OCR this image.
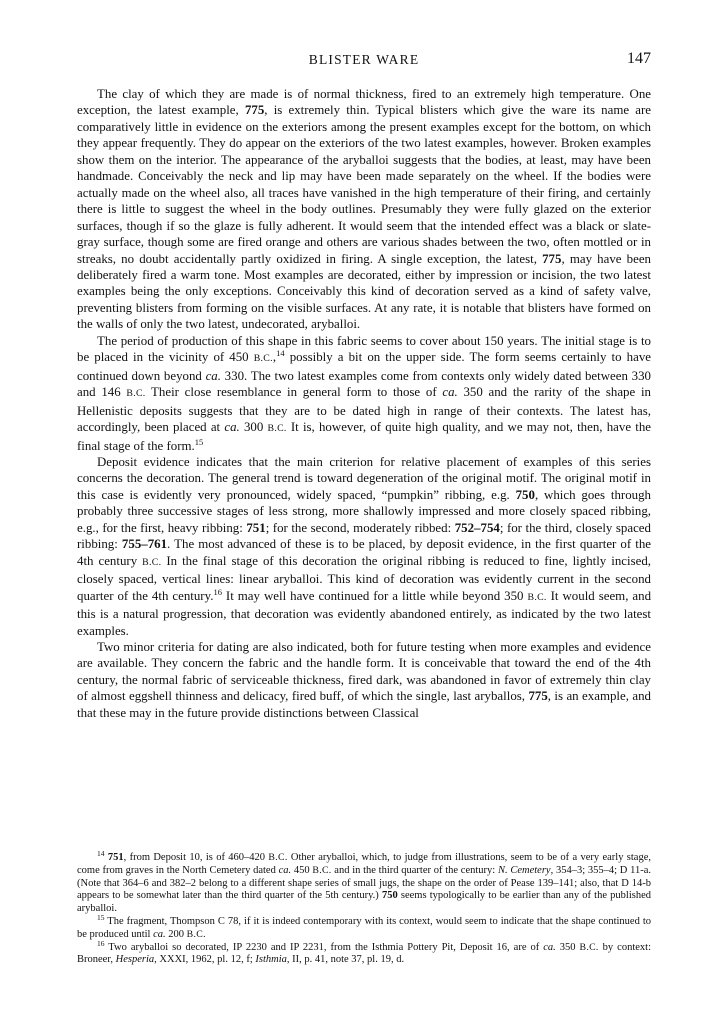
BLISTER WARE	147

The clay of which they are made is of normal thickness, fired to an extremely high temperature. One exception, the latest example, 775, is extremely thin. Typical blisters which give the ware its name are comparatively little in evidence on the exteriors among the present examples except for the bottom, on which they appear frequently. They do appear on the exteriors of the two latest examples, however. Broken examples show them on the interior. The appearance of the aryballoi suggests that the bodies, at least, may have been handmade. Conceivably the neck and lip may have been made separately on the wheel. If the bodies were actually made on the wheel also, all traces have vanished in the high temperature of their firing, and certainly there is little to suggest the wheel in the body outlines. Presumably they were fully glazed on the exterior surfaces, though if so the glaze is fully adherent. It would seem that the intended effect was a black or slate-gray surface, though some are fired orange and others are various shades between the two, often mottled or in streaks, no doubt accidentally partly oxidized in firing. A single exception, the latest, 775, may have been deliberately fired a warm tone. Most examples are decorated, either by impression or incision, the two latest examples being the only exceptions. Conceivably this kind of decoration served as a kind of safety valve, preventing blisters from forming on the visible surfaces. At any rate, it is notable that blisters have formed on the walls of only the two latest, undecorated, aryballoi.

The period of production of this shape in this fabric seems to cover about 150 years. The initial stage is to be placed in the vicinity of 450 B.C.,$^{14}$ possibly a bit on the upper side. The form seems certainly to have continued down beyond ca. 330. The two latest examples come from contexts only widely dated between 330 and 146 B.C. Their close resemblance in general form to those of ca. 350 and the rarity of the shape in Hellenistic deposits suggests that they are to be dated high in range of their contexts. The latest has, accordingly, been placed at ca. 300 B.C. It is, however, of quite high quality, and we may not, then, have the final stage of the form.$^{15}$

Deposit evidence indicates that the main criterion for relative placement of examples of this series concerns the decoration. The general trend is toward degeneration of the original motif. The original motif in this case is evidently very pronounced, widely spaced, “pumpkin” ribbing, e.g. 750, which goes through probably three successive stages of less strong, more shallowly impressed and more closely spaced ribbing, e.g., for the first, heavy ribbing: 751; for the second, moderately ribbed: 752–754; for the third, closely spaced ribbing: 755–761. The most advanced of these is to be placed, by deposit evidence, in the first quarter of the 4th century B.C. In the final stage of this decoration the original ribbing is reduced to fine, lightly incised, closely spaced, vertical lines: linear aryballoi. This kind of decoration was evidently current in the second quarter of the 4th century.$^{16}$ It may well have continued for a little while beyond 350 B.C. It would seem, and this is a natural progression, that decoration was evidently abandoned entirely, as indicated by the two latest examples.

Two minor criteria for dating are also indicated, both for future testing when more examples and evidence are available. They concern the fabric and the handle form. It is conceivable that toward the end of the 4th century, the normal fabric of serviceable thickness, fired dark, was abandoned in favor of extremely thin clay of almost eggshell thinness and delicacy, fired buff, of which the single, last aryballos, 775, is an example, and that these may in the future provide distinctions between Classical

$^{14}$ 751, from Deposit 10, is of 460–420 B.C. Other aryballoi, which, to judge from illustrations, seem to be of a very early stage, come from graves in the North Cemetery dated ca. 450 B.C. and in the third quarter of the century: N. Cemetery, 354–3; 355–4; D 11-a. (Note that 364–6 and 382–2 belong to a different shape series of small jugs, the shape on the order of Pease 139–141; also, that D 14-b appears to be somewhat later than the third quarter of the 5th century.) 750 seems typologically to be earlier than any of the published aryballoi.

$^{15}$ The fragment, Thompson C 78, if it is indeed contemporary with its context, would seem to indicate that the shape continued to be produced until ca. 200 B.C.

$^{16}$ Two aryballoi so decorated, IP 2230 and IP 2231, from the Isthmia Pottery Pit, Deposit 16, are of ca. 350 B.C. by context: Broneer, Hesperia, XXXI, 1962, pl. 12, f; Isthmia, II, p. 41, note 37, pl. 19, d.
